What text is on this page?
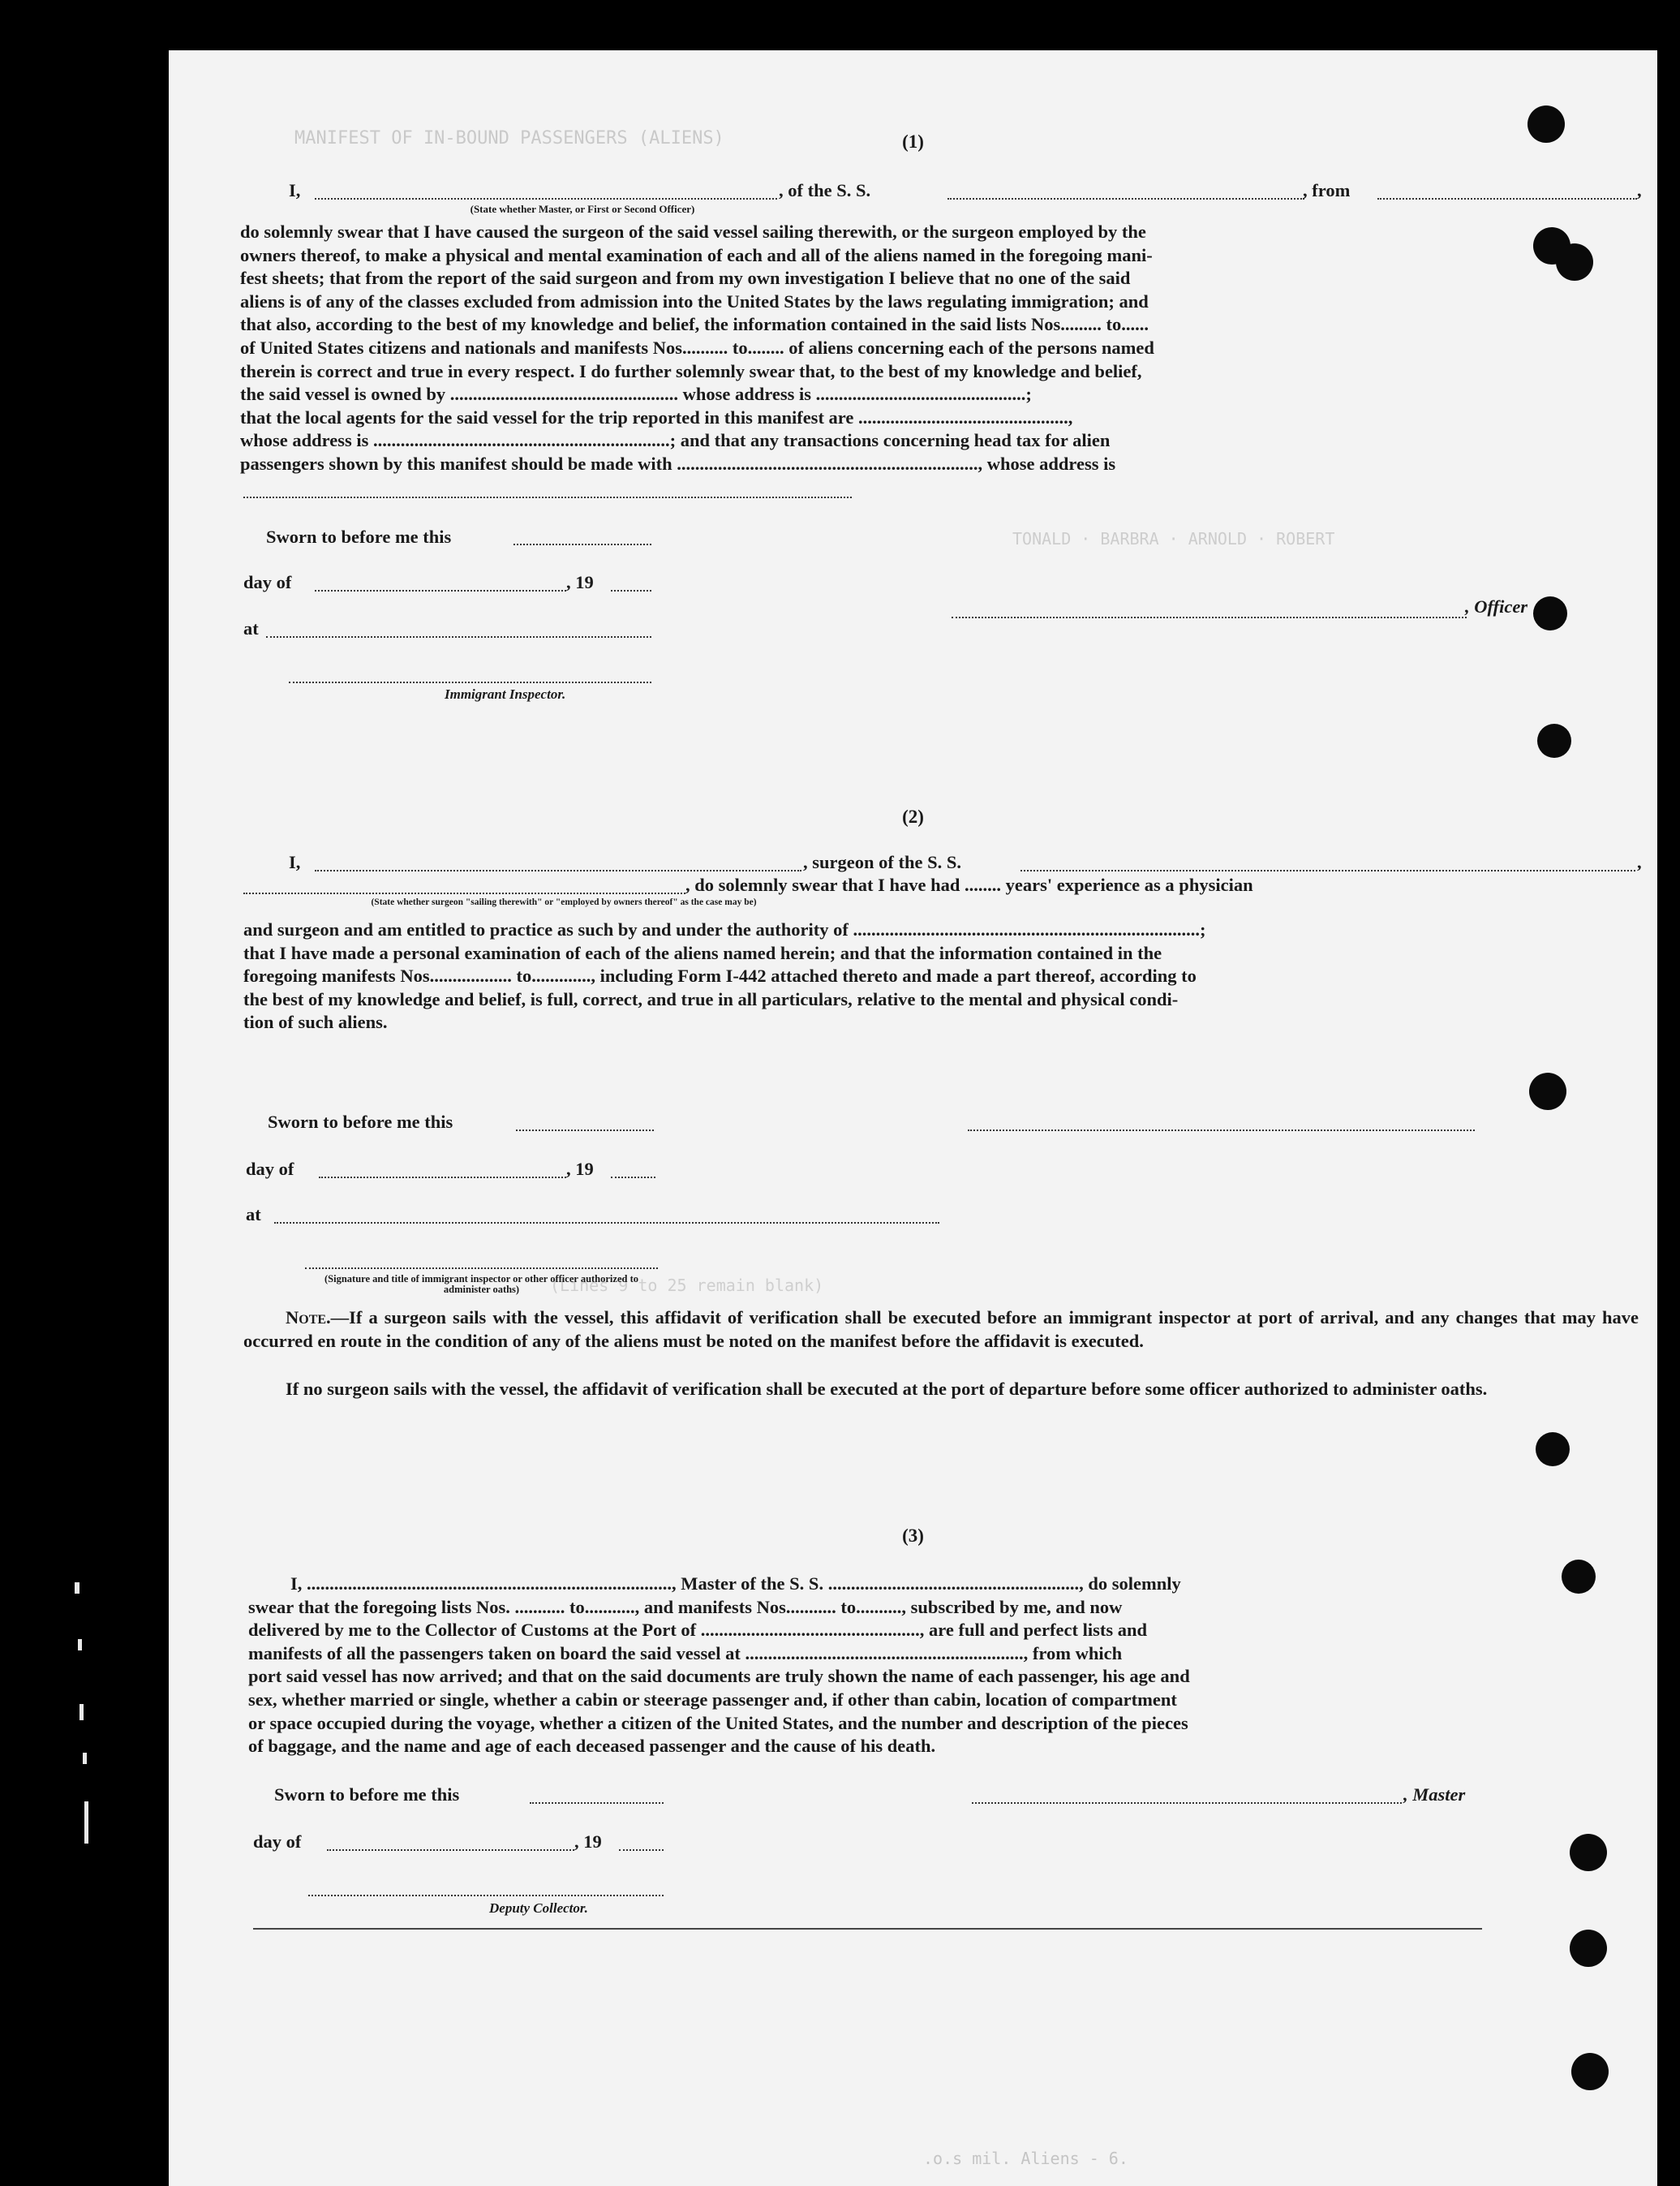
MANIFEST OF IN-BOUND PASSENGERS (ALIENS)
(Lines 9 to 25 remain blank)
TONALD · BARBRA · ARNOLD · ROBERT
(1)
I,	, of the S. S.	, from	,
(State whether Master, or First or Second Officer)

do solemnly swear that I have caused the surgeon of the said vessel sailing therewith, or the surgeon employed by the

owners thereof, to make a physical and mental examination of each and all of the aliens named in the foregoing mani-

fest sheets; that from the report of the said surgeon and from my own investigation I believe that no one of the said

aliens is of any of the classes excluded from admission into the United States by the laws regulating immigration; and

that also, according to the best of my knowledge and belief, the information contained in the said lists Nos......... to......

of United States citizens and nationals and manifests Nos.......... to........ of aliens concerning each of the persons named

therein is correct and true in every respect. I do further solemnly swear that, to the best of my knowledge and belief,

the said vessel is owned by .................................................. whose address is ..............................................;

that the local agents for the said vessel for the trip reported in this manifest are ..............................................,

whose address is .................................................................; and that any transactions concerning head tax for alien

passengers shown by this manifest should be made with .................................................................., whose address is

Sworn to before me this
day of	, 19
at
Immigrant Inspector.
, Officer
(2)
I,	, surgeon of the S. S.	,
, do solemnly swear that I have had ........ years' experience as a physician
(State whether surgeon "sailing therewith" or "employed by owners thereof" as the case may be)

and surgeon and am entitled to practice as such by and under the authority of ............................................................................;

that I have made a personal examination of each of the aliens named herein; and that the information contained in the

foregoing manifests Nos.................. to............., including Form I-442 attached thereto and made a part thereof, according to

the best of my knowledge and belief, is full, correct, and true in all particulars, relative to the mental and physical condi-

tion of such aliens.

Sworn to before me this
day of	, 19
at
(Signature and title of immigrant inspector or other officer authorized to administer oaths)
Note.—If a surgeon sails with the vessel, this affidavit of verification shall be executed before an immigrant inspector at port of arrival, and any changes that may have occurred en route in the condition of any of the aliens must be noted on the manifest before the affidavit is executed.
If no surgeon sails with the vessel, the affidavit of verification shall be executed at the port of departure before some officer authorized to administer oaths.
(3)

I, ................................................................................, Master of the S. S. ......................................................., do solemnly

swear that the foregoing lists Nos. ........... to..........., and manifests Nos........... to.........., subscribed by me, and now

delivered by me to the Collector of Customs at the Port of ................................................, are full and perfect lists and

manifests of all the passengers taken on board the said vessel at ............................................................., from which

port said vessel has now arrived; and that on the said documents are truly shown the name of each passenger, his age and

sex, whether married or single, whether a cabin or steerage passenger and, if other than cabin, location of compartment

or space occupied during the voyage, whether a citizen of the United States, and the number and description of the pieces

of baggage, and the name and age of each deceased passenger and the cause of his death.

Sworn to before me this	, Master
day of	, 19
Deputy Collector.
.o.s mil. Aliens - 6.
